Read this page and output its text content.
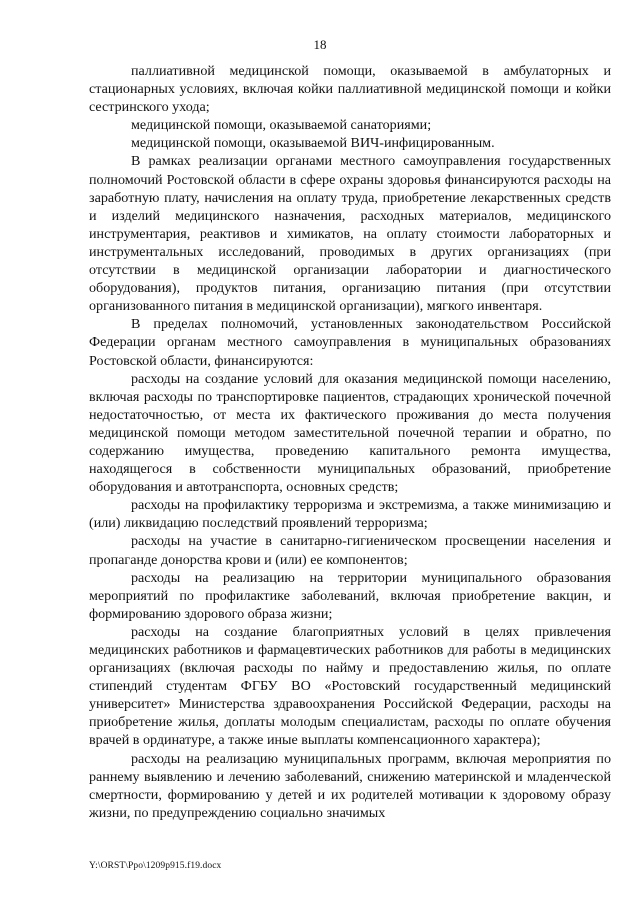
18

паллиативной медицинской помощи, оказываемой в амбулаторных и стационарных условиях, включая койки паллиативной медицинской помощи и койки сестринского ухода;

медицинской помощи, оказываемой санаториями;

медицинской помощи, оказываемой ВИЧ-инфицированным.

В рамках реализации органами местного самоуправления государственных полномочий Ростовской области в сфере охраны здоровья финансируются расходы на заработную плату, начисления на оплату труда, приобретение лекарственных средств и изделий медицинского назначения, расходных материалов, медицинского инструментария, реактивов и химикатов, на оплату стоимости лабораторных и инструментальных исследований, проводимых в других организациях (при отсутствии в медицинской организации лаборатории и диагностического оборудования), продуктов питания, организацию питания (при отсутствии организованного питания в медицинской организации), мягкого инвентаря.

В пределах полномочий, установленных законодательством Российской Федерации органам местного самоуправления в муниципальных образованиях Ростовской области, финансируются:

расходы на создание условий для оказания медицинской помощи населению, включая расходы по транспортировке пациентов, страдающих хронической почечной недостаточностью, от места их фактического проживания до места получения медицинской помощи методом заместительной почечной терапии и обратно, по содержанию имущества, проведению капитального ремонта имущества, находящегося в собственности муниципальных образований, приобретение оборудования и автотранспорта, основных средств;

расходы на профилактику терроризма и экстремизма, а также минимизацию и (или) ликвидацию последствий проявлений терроризма;

расходы на участие в санитарно-гигиеническом просвещении населения и пропаганде донорства крови и (или) ее компонентов;

расходы на реализацию на территории муниципального образования мероприятий по профилактике заболеваний, включая приобретение вакцин, и формированию здорового образа жизни;

расходы на создание благоприятных условий в целях привлечения медицинских работников и фармацевтических работников для работы в медицинских организациях (включая расходы по найму и предоставлению жилья, по оплате стипендий студентам ФГБУ ВО «Ростовский государственный медицинский университет» Министерства здравоохранения Российской Федерации, расходы на приобретение жилья, доплаты молодым специалистам, расходы по оплате обучения врачей в ординатуре, а также иные выплаты компенсационного характера);

расходы на реализацию муниципальных программ, включая мероприятия по раннему выявлению и лечению заболеваний, снижению материнской и младенческой смертности, формированию у детей и их родителей мотивации к здоровому образу жизни, по предупреждению социально значимых

Y:\ORST\Ppo\1209p915.f19.docx
